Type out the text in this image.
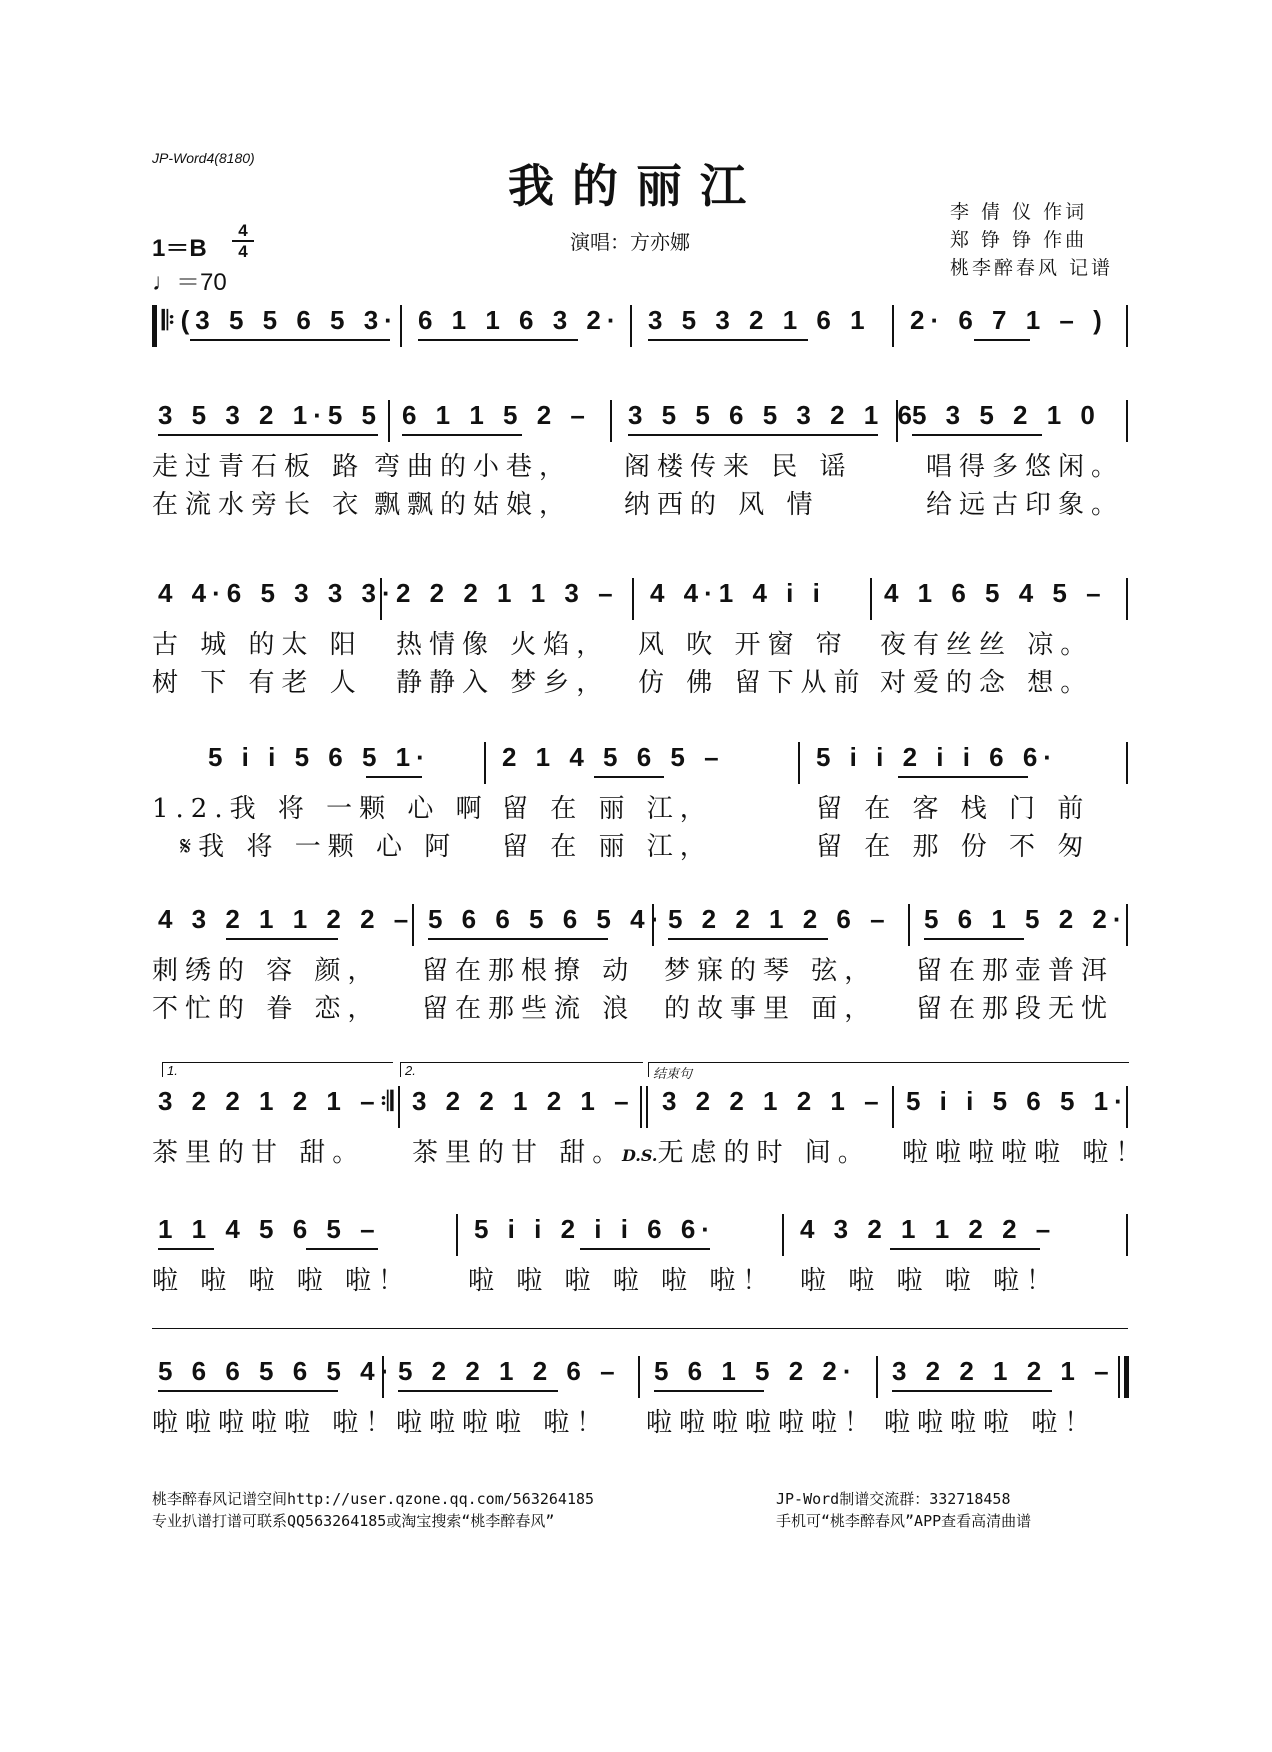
JP-Word4(8180)
我的丽江
演唱：方亦娜
李 倩 仪 作词
郑 铮 铮 作曲
桃李醉春风 记谱
1＝B
4
4
♩＝70
𝄆(3 5 5 6 5 3· 6 1 1 6 3 2· 3 5 3 2 1 6 1 2· 6 7 1 – )
3 5 3 2 1·5 5 6 1 1 5 2 – 3 5 5 6 5 3 2 1 6
5 3 5 2 1 0
走过青石板 路 弯曲的小巷， 阁楼传来 民 谣	唱得多悠闲。
在流水旁长 衣 飘飘的姑娘， 纳西的 风 情	给远古印象。
4 4·6 5 3 3 3· 2 2 2 1 1 3 – 4 4·1 4 i i 4 1 6 5 4 5 –
古 城 的太 阳 热情像 火焰， 风 吹 开窗 帘 夜有丝丝 凉。
树 下 有老 人 静静入 梦乡， 仿 佛 留下从前 对爱的念 想。
5 i i 5 6 5 1·	2 1 4 5 6 5 –	5 i i 2 i i 6 6·
1.2.我 将 一颗 心 啊 留 在 丽 江，	留 在 客 栈 门 前
𝄋我 将 一颗 心 阿 留 在 丽 江，	留 在 那 份 不 匆
4 3 2 1 1 2 2 – 5 6 6 5 6 5 4· 5 2 2 1 2 6 – 5 6 1 5 2 2·
刺绣的 容 颜， 留在那根撩 动 梦寐的琴 弦， 留在那壶普洱
不忙的 眷 恋， 留在那些流 浪 的故事里 面， 留在那段无忧
1.	2.	结束句
3 2 2 1 2 1 –𝄇 3 2 2 1 2 1 – 3 2 2 1 2 1 – 5 i i 5 6 5 1·
茶里的甘 甜。 茶里的甘 甜。
D.S.无虑的时 间。 啦啦啦啦啦 啦！
1 1 4 5 6 5 –	5 i i 2 i i 6 6·	4 3 2 1 1 2 2 –
啦 啦 啦 啦 啦！ 啦 啦 啦 啦 啦 啦！ 啦 啦 啦 啦 啦！
5 6 6 5 6 5 4· 5 2 2 1 2 6 – 5 6 1 5 2 2· 3 2 2 1 2 1 –
啦啦啦啦啦 啦！
啦啦啦啦 啦！ 啦啦啦啦啦啦！ 啦啦啦啦 啦！
桃李醉春风记谱空间http://user.qzone.qq.com/563264185
专业扒谱打谱可联系QQ563264185或淘宝搜索“桃李醉春风”
JP-Word制谱交流群：332718458
手机可“桃李醉春风”APP查看高清曲谱
